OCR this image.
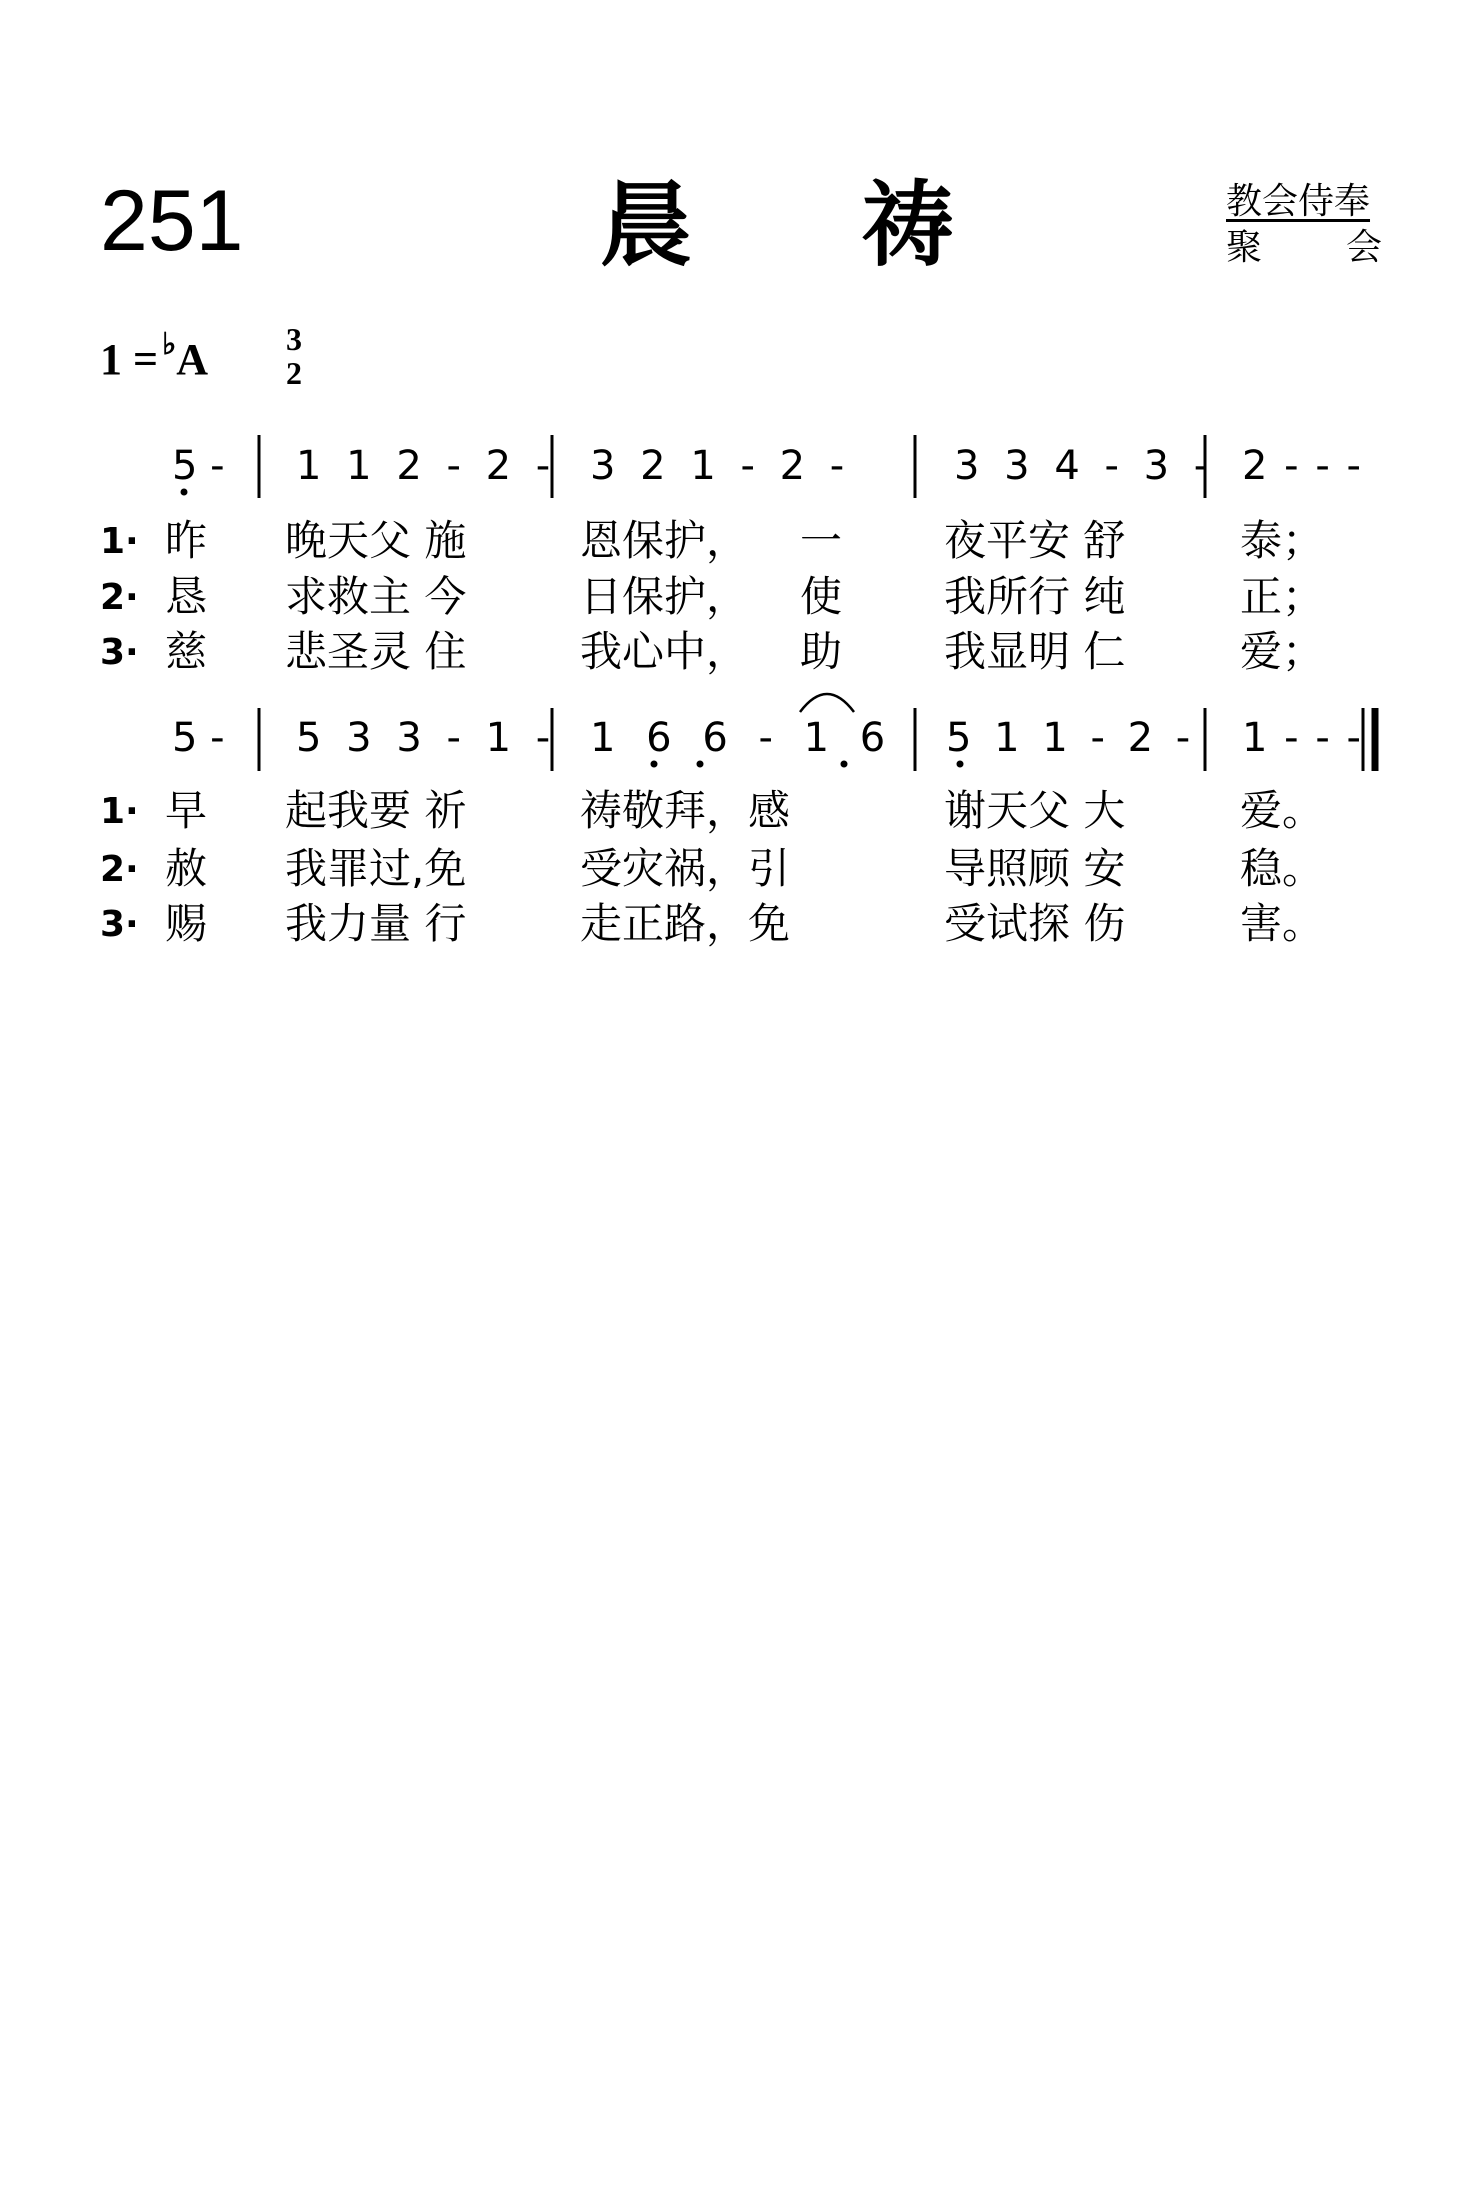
251	晨 祷	教会侍奉
聚 会
1 = ♭A 3
2
5 - 1 1 2 - 2 - 3 2 1 - 2 -	3 3 4 - 3 - 2 - - -
1· 昨 晚天父 施	恩保护， 一 夜平安 舒	泰；
2· 恳 求救主 今	日保护， 使 我所行 纯	正；
3· 慈 悲圣灵 住	我心中， 助 我显明 仁	爱；
5 - 5 3 3 - 1 - 1 6 6 - 1 6 5 1 1 - 2 - 1 - - -
1· 早 起我要 祈	祷敬拜，感	谢天父 大	爱。
2· 赦 我罪过,免	受灾祸，引	导照顾 安	稳。
3· 赐 我力量 行	走正路，免	受试探 伤	害。
